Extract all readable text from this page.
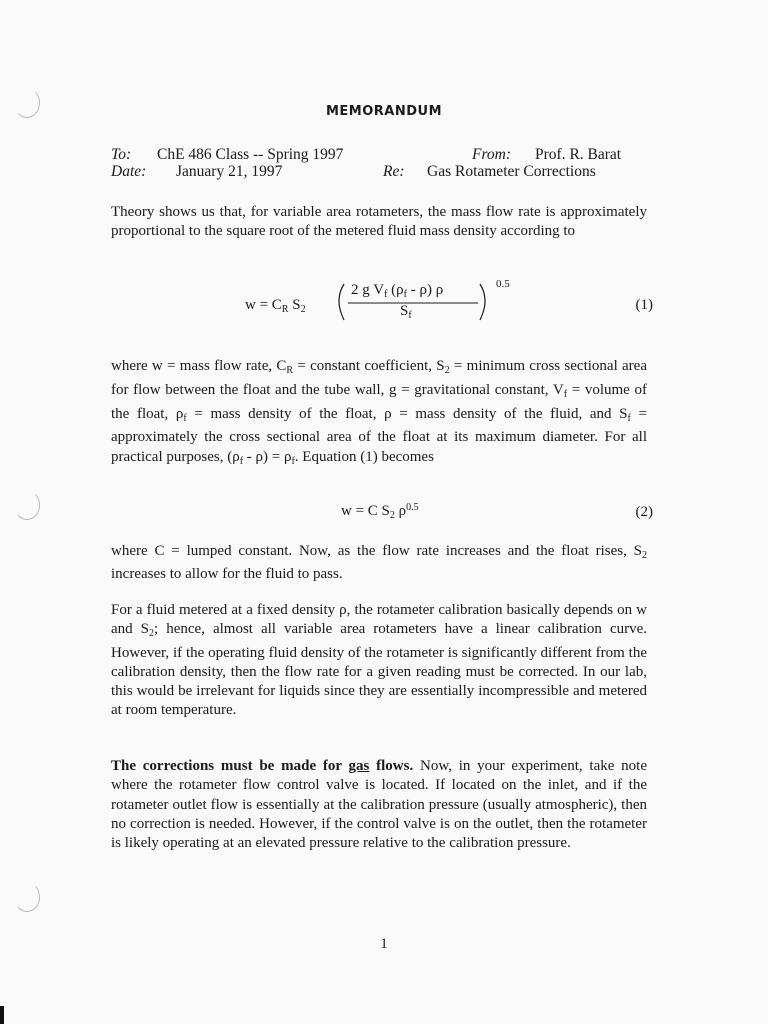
MEMORANDUM
To: ChE 486 Class -- Spring 1997	From: Prof. R. Barat
Date: January 21, 1997	Re: Gas Rotameter Corrections
Theory shows us that, for variable area rotameters, the mass flow rate is approximately proportional to the square root of the metered fluid mass density according to
$w = C_R$ $S_2$
2 g $V_f$ $(\rho_f - \rho)$ ρ
$S_f$
0.5
(1)
where w = mass flow rate, $C_R$ = constant coefficient, $S_2$ = minimum cross sectional area for flow between the float and the tube wall, g = gravitational constant, $V_f$ = volume of the float, $\rho_f$ = mass density of the float, ρ = mass density of the fluid, and $S_f$ = approximately the cross sectional area of the float at its maximum diameter. For all practical purposes, $(\rho_f - \rho) = \rho_f$. Equation (1) becomes
w = C $S_2$ $\rho^{0.5}$	(2)
where C = lumped constant. Now, as the flow rate increases and the float rises, $S_2$ increases to allow for the fluid to pass.
For a fluid metered at a fixed density ρ, the rotameter calibration basically depends on w and $S_2$; hence, almost all variable area rotameters have a linear calibration curve. However, if the operating fluid density of the rotameter is significantly different from the calibration density, then the flow rate for a given reading must be corrected. In our lab, this would be irrelevant for liquids since they are essentially incompressible and metered at room temperature.
The corrections must be made for gas flows. Now, in your experiment, take note where the rotameter flow control valve is located. If located on the inlet, and if the rotameter outlet flow is essentially at the calibration pressure (usually atmospheric), then no correction is needed. However, if the control valve is on the outlet, then the rotameter is likely operating at an elevated pressure relative to the calibration pressure.
1
